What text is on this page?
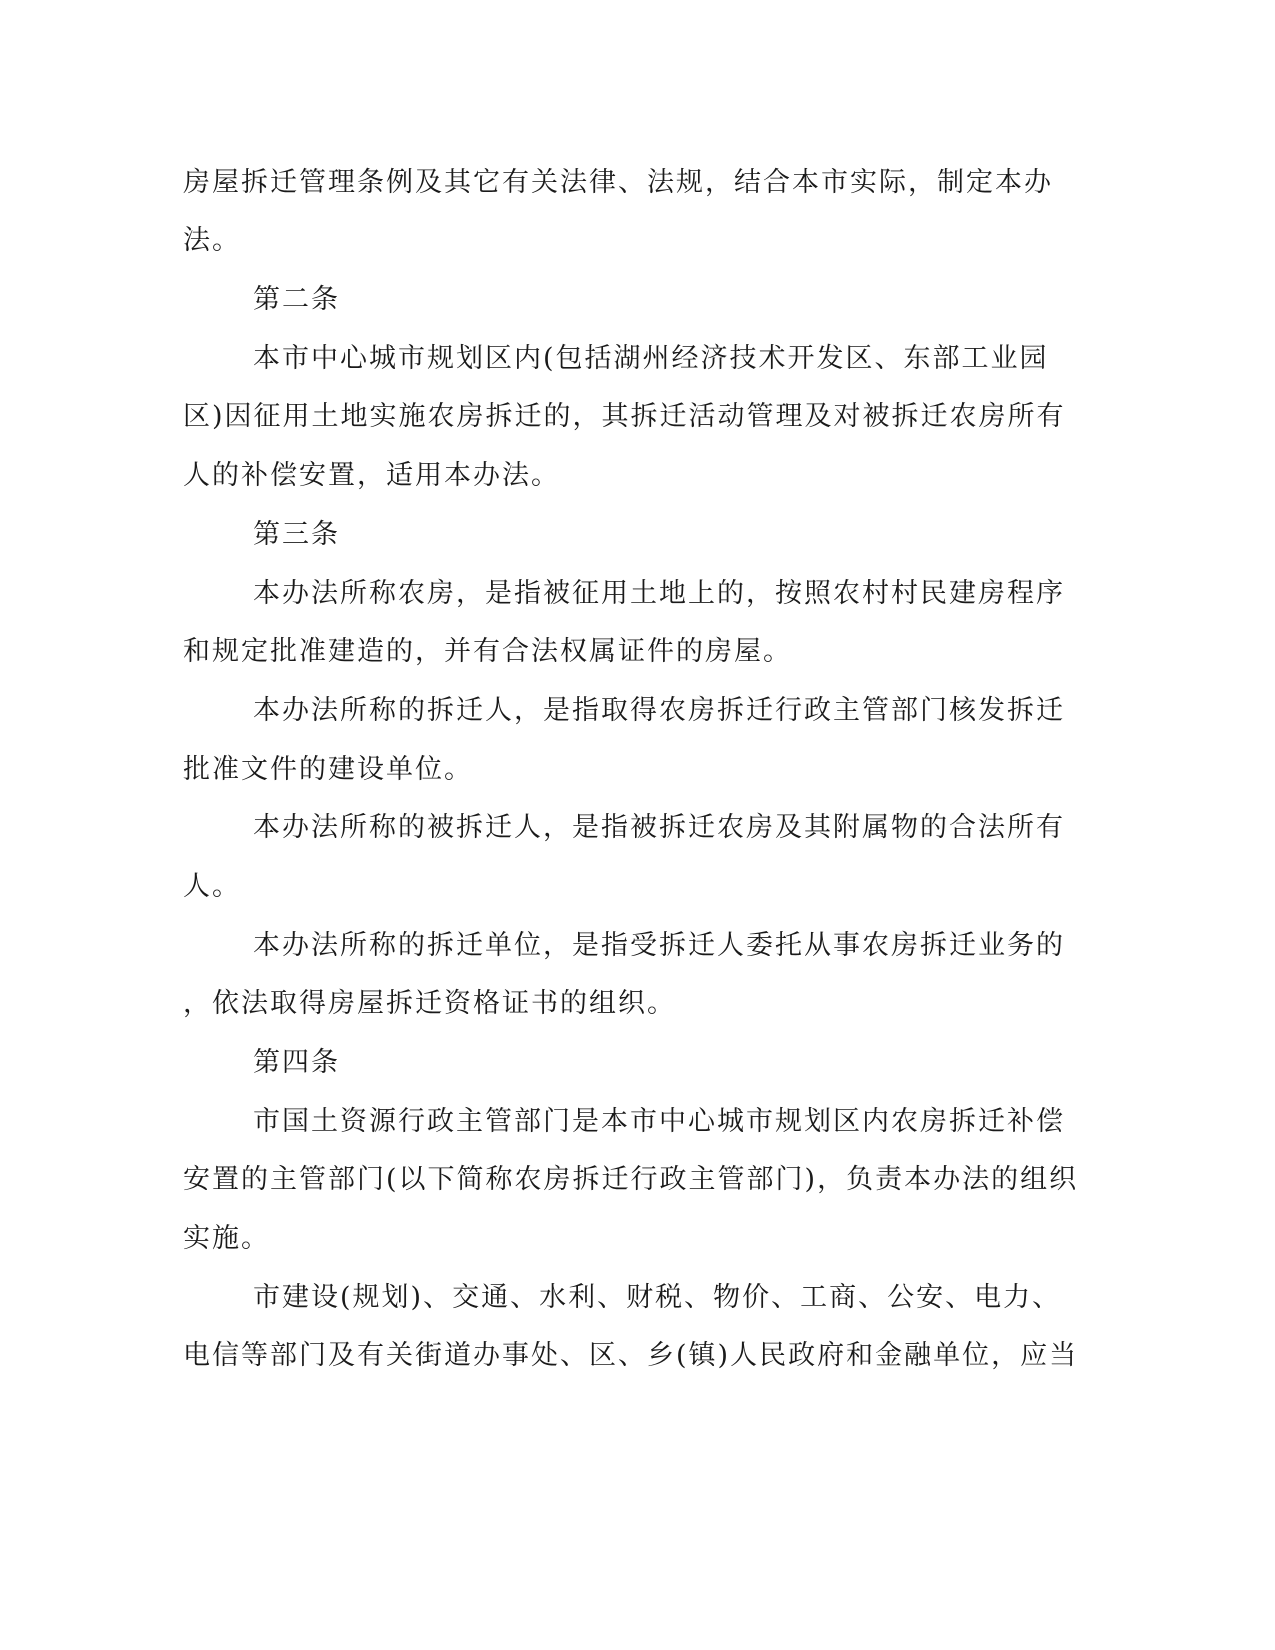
房屋拆迁管理条例及其它有关法律、法规，结合本市实际，制定本办
法。
第二条
本市中心城市规划区内(包括湖州经济技术开发区、东部工业园
区)因征用土地实施农房拆迁的，其拆迁活动管理及对被拆迁农房所有
人的补偿安置，适用本办法。
第三条
本办法所称农房，是指被征用土地上的，按照农村村民建房程序
和规定批准建造的，并有合法权属证件的房屋。
本办法所称的拆迁人，是指取得农房拆迁行政主管部门核发拆迁
批准文件的建设单位。
本办法所称的被拆迁人，是指被拆迁农房及其附属物的合法所有
人。
本办法所称的拆迁单位，是指受拆迁人委托从事农房拆迁业务的
，依法取得房屋拆迁资格证书的组织。
第四条
市国土资源行政主管部门是本市中心城市规划区内农房拆迁补偿
安置的主管部门(以下简称农房拆迁行政主管部门)，负责本办法的组织
实施。
市建设(规划)、交通、水利、财税、物价、工商、公安、电力、
电信等部门及有关街道办事处、区、乡(镇)人民政府和金融单位，应当
